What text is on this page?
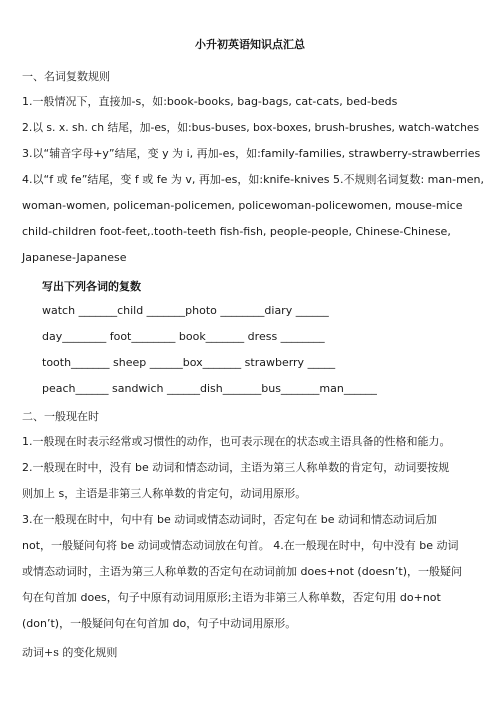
小升初英语知识点汇总
一、名词复数规则
1.一般情况下，直接加-s，如:book-books, bag-bags, cat-cats, bed-beds
2.以 s. x. sh. ch 结尾，加-es，如:bus-buses, box-boxes, brush-brushes, watch-watches
3.以“辅音字母+y”结尾，变 y 为 i, 再加-es，如:family-families, strawberry-strawberries
4.以“f 或 fe”结尾，变 f 或 fe 为 v, 再加-es，如:knife-knives 5.不规则名词复数: man-men,
woman-women, policeman-policemen, policewoman-policewomen, mouse-mice
child-children foot-feet,.tooth-teeth fish-fish, people-people, Chinese-Chinese,
Japanese-Japanese
写出下列各词的复数
watch _______child _______photo ________diary ______
day________ foot________ book_______ dress ________
tooth_______ sheep ______box_______ strawberry _____
peach______ sandwich ______dish_______bus_______man______
二、一般现在时
1.一般现在时表示经常或习惯性的动作，也可表示现在的状态或主语具备的性格和能力。
2.一般现在时中，没有 be 动词和情态动词，主语为第三人称单数的肯定句，动词要按规
则加上 s，主语是非第三人称单数的肯定句，动词用原形。
3.在一般现在时中，句中有 be 动词或情态动词时，否定句在 be 动词和情态动词后加
not，一般疑问句将 be 动词或情态动词放在句首。 4.在一般现在时中，句中没有 be 动词
或情态动词时，主语为第三人称单数的否定句在动词前加 does+not (doesn’t)，一般疑问
句在句首加 does，句子中原有动词用原形;主语为非第三人称单数，否定句用 do+not
(don’t)，一般疑问句在句首加 do，句子中动词用原形。
动词+s 的变化规则
